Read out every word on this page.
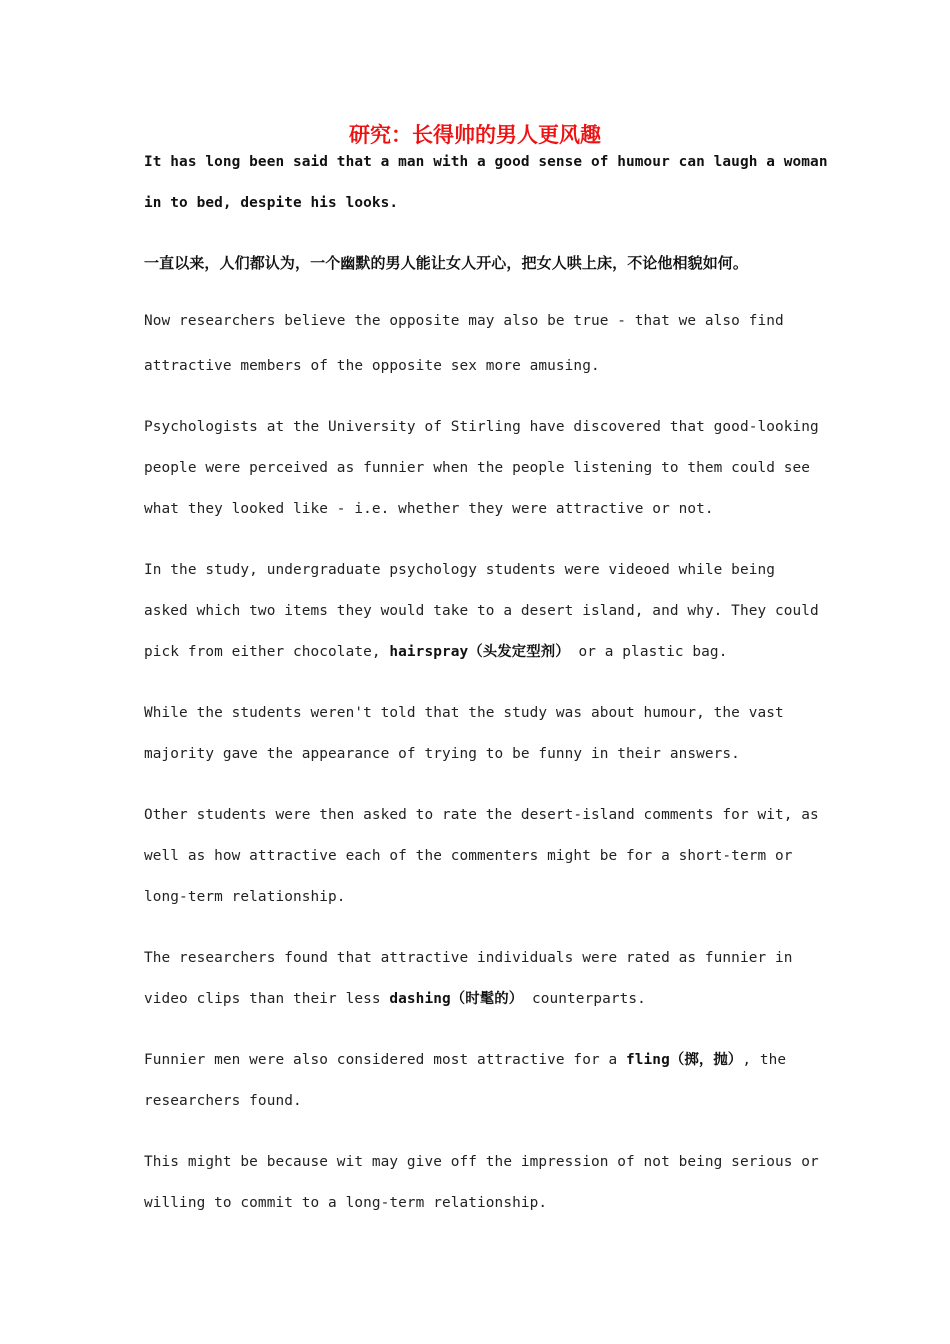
研究：长得帅的男人更风趣
It has long been said that a man with a good sense of humour can laugh a woman
in to bed, despite his looks.
一直以来，人们都认为，一个幽默的男人能让女人开心，把女人哄上床，不论他相貌如何。
Now researchers believe the opposite may also be true - that we also find
attractive members of the opposite sex more amusing.
Psychologists at the University of Stirling have discovered that good-looking
people were perceived as funnier when the people listening to them could see
what they looked like - i.e. whether they were attractive or not.
In the study, undergraduate psychology students were videoed while being
asked which two items they would take to a desert island, and why. They could
pick from either chocolate, hairspray（头发定型剂） or a plastic bag.
While the students weren't told that the study was about humour, the vast
majority gave the appearance of trying to be funny in their answers.
Other students were then asked to rate the desert-island comments for wit, as
well as how attractive each of the commenters might be for a short-term or
long-term relationship.
The researchers found that attractive individuals were rated as funnier in
video clips than their less dashing（时髦的） counterparts.
Funnier men were also considered most attractive for a fling（掷，抛）, the
researchers found.
This might be because wit may give off the impression of not being serious or
willing to commit to a long-term relationship.
